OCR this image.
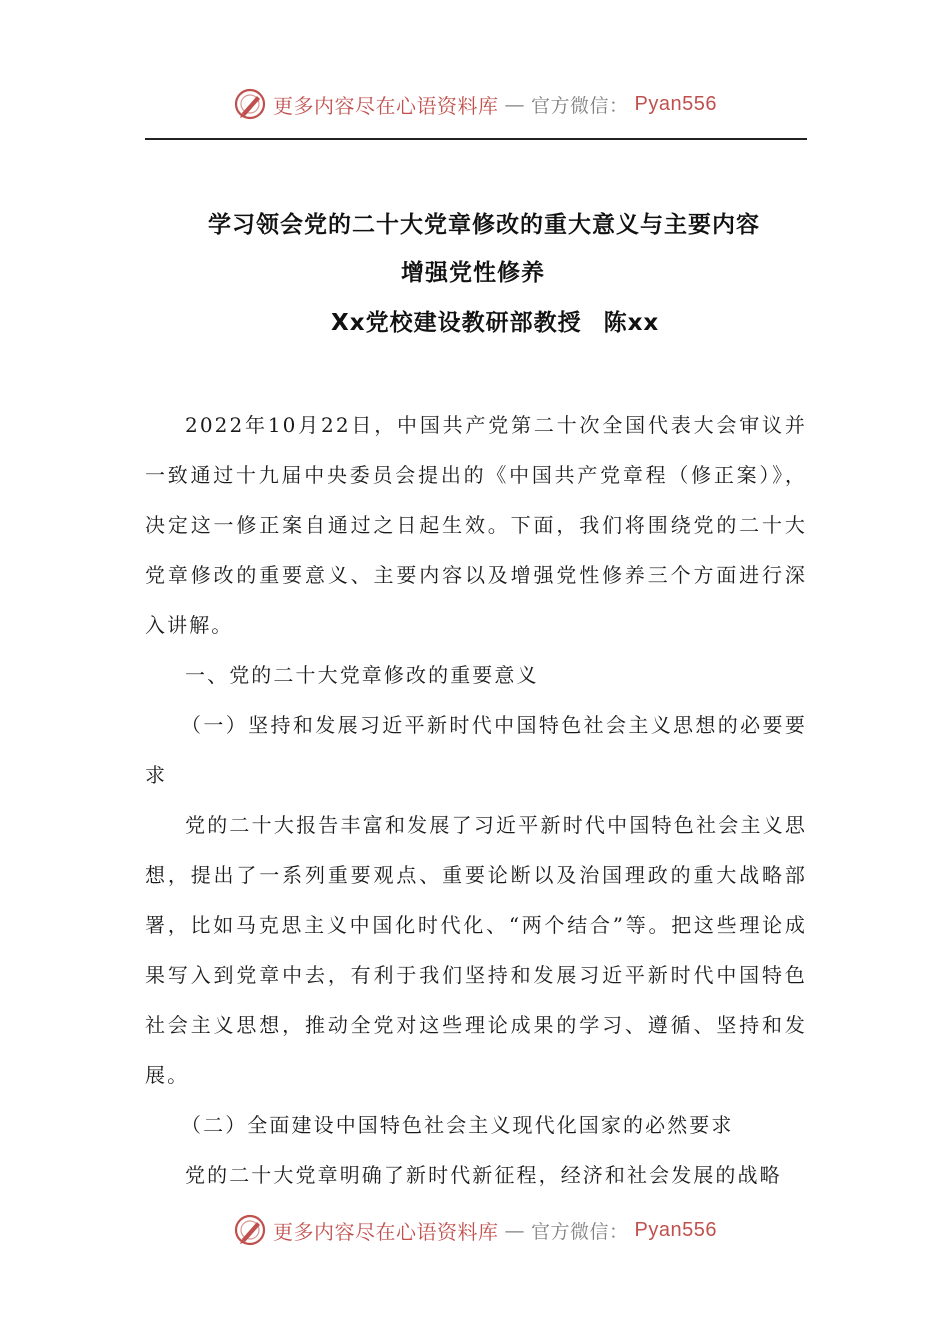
更多内容尽在心语资料库 — 官方微信： Pyan556
学习领会党的二十大党章修改的重大意义与主要内容
增强党性修养
Xx党校建设教研部教授 陈xx

2022年10月22日，中国共产党第二十次全国代表大会审议并一致通过十九届中央委员会提出的《中国共产党章程（修正案）》，决定这一修正案自通过之日起生效。下面，我们将围绕党的二十大党章修改的重要意义、主要内容以及增强党性修养三个方面进行深入讲解。

一、党的二十大党章修改的重要意义

（一）坚持和发展习近平新时代中国特色社会主义思想的必要要求

党的二十大报告丰富和发展了习近平新时代中国特色社会主义思想，提出了一系列重要观点、重要论断以及治国理政的重大战略部署，比如马克思主义中国化时代化、“两个结合”等。把这些理论成果写入到党章中去，有利于我们坚持和发展习近平新时代中国特色社会主义思想，推动全党对这些理论成果的学习、遵循、坚持和发展。

（二）全面建设中国特色社会主义现代化国家的必然要求

党的二十大党章明确了新时代新征程，经济和社会发展的战略

更多内容尽在心语资料库 — 官方微信： Pyan556
